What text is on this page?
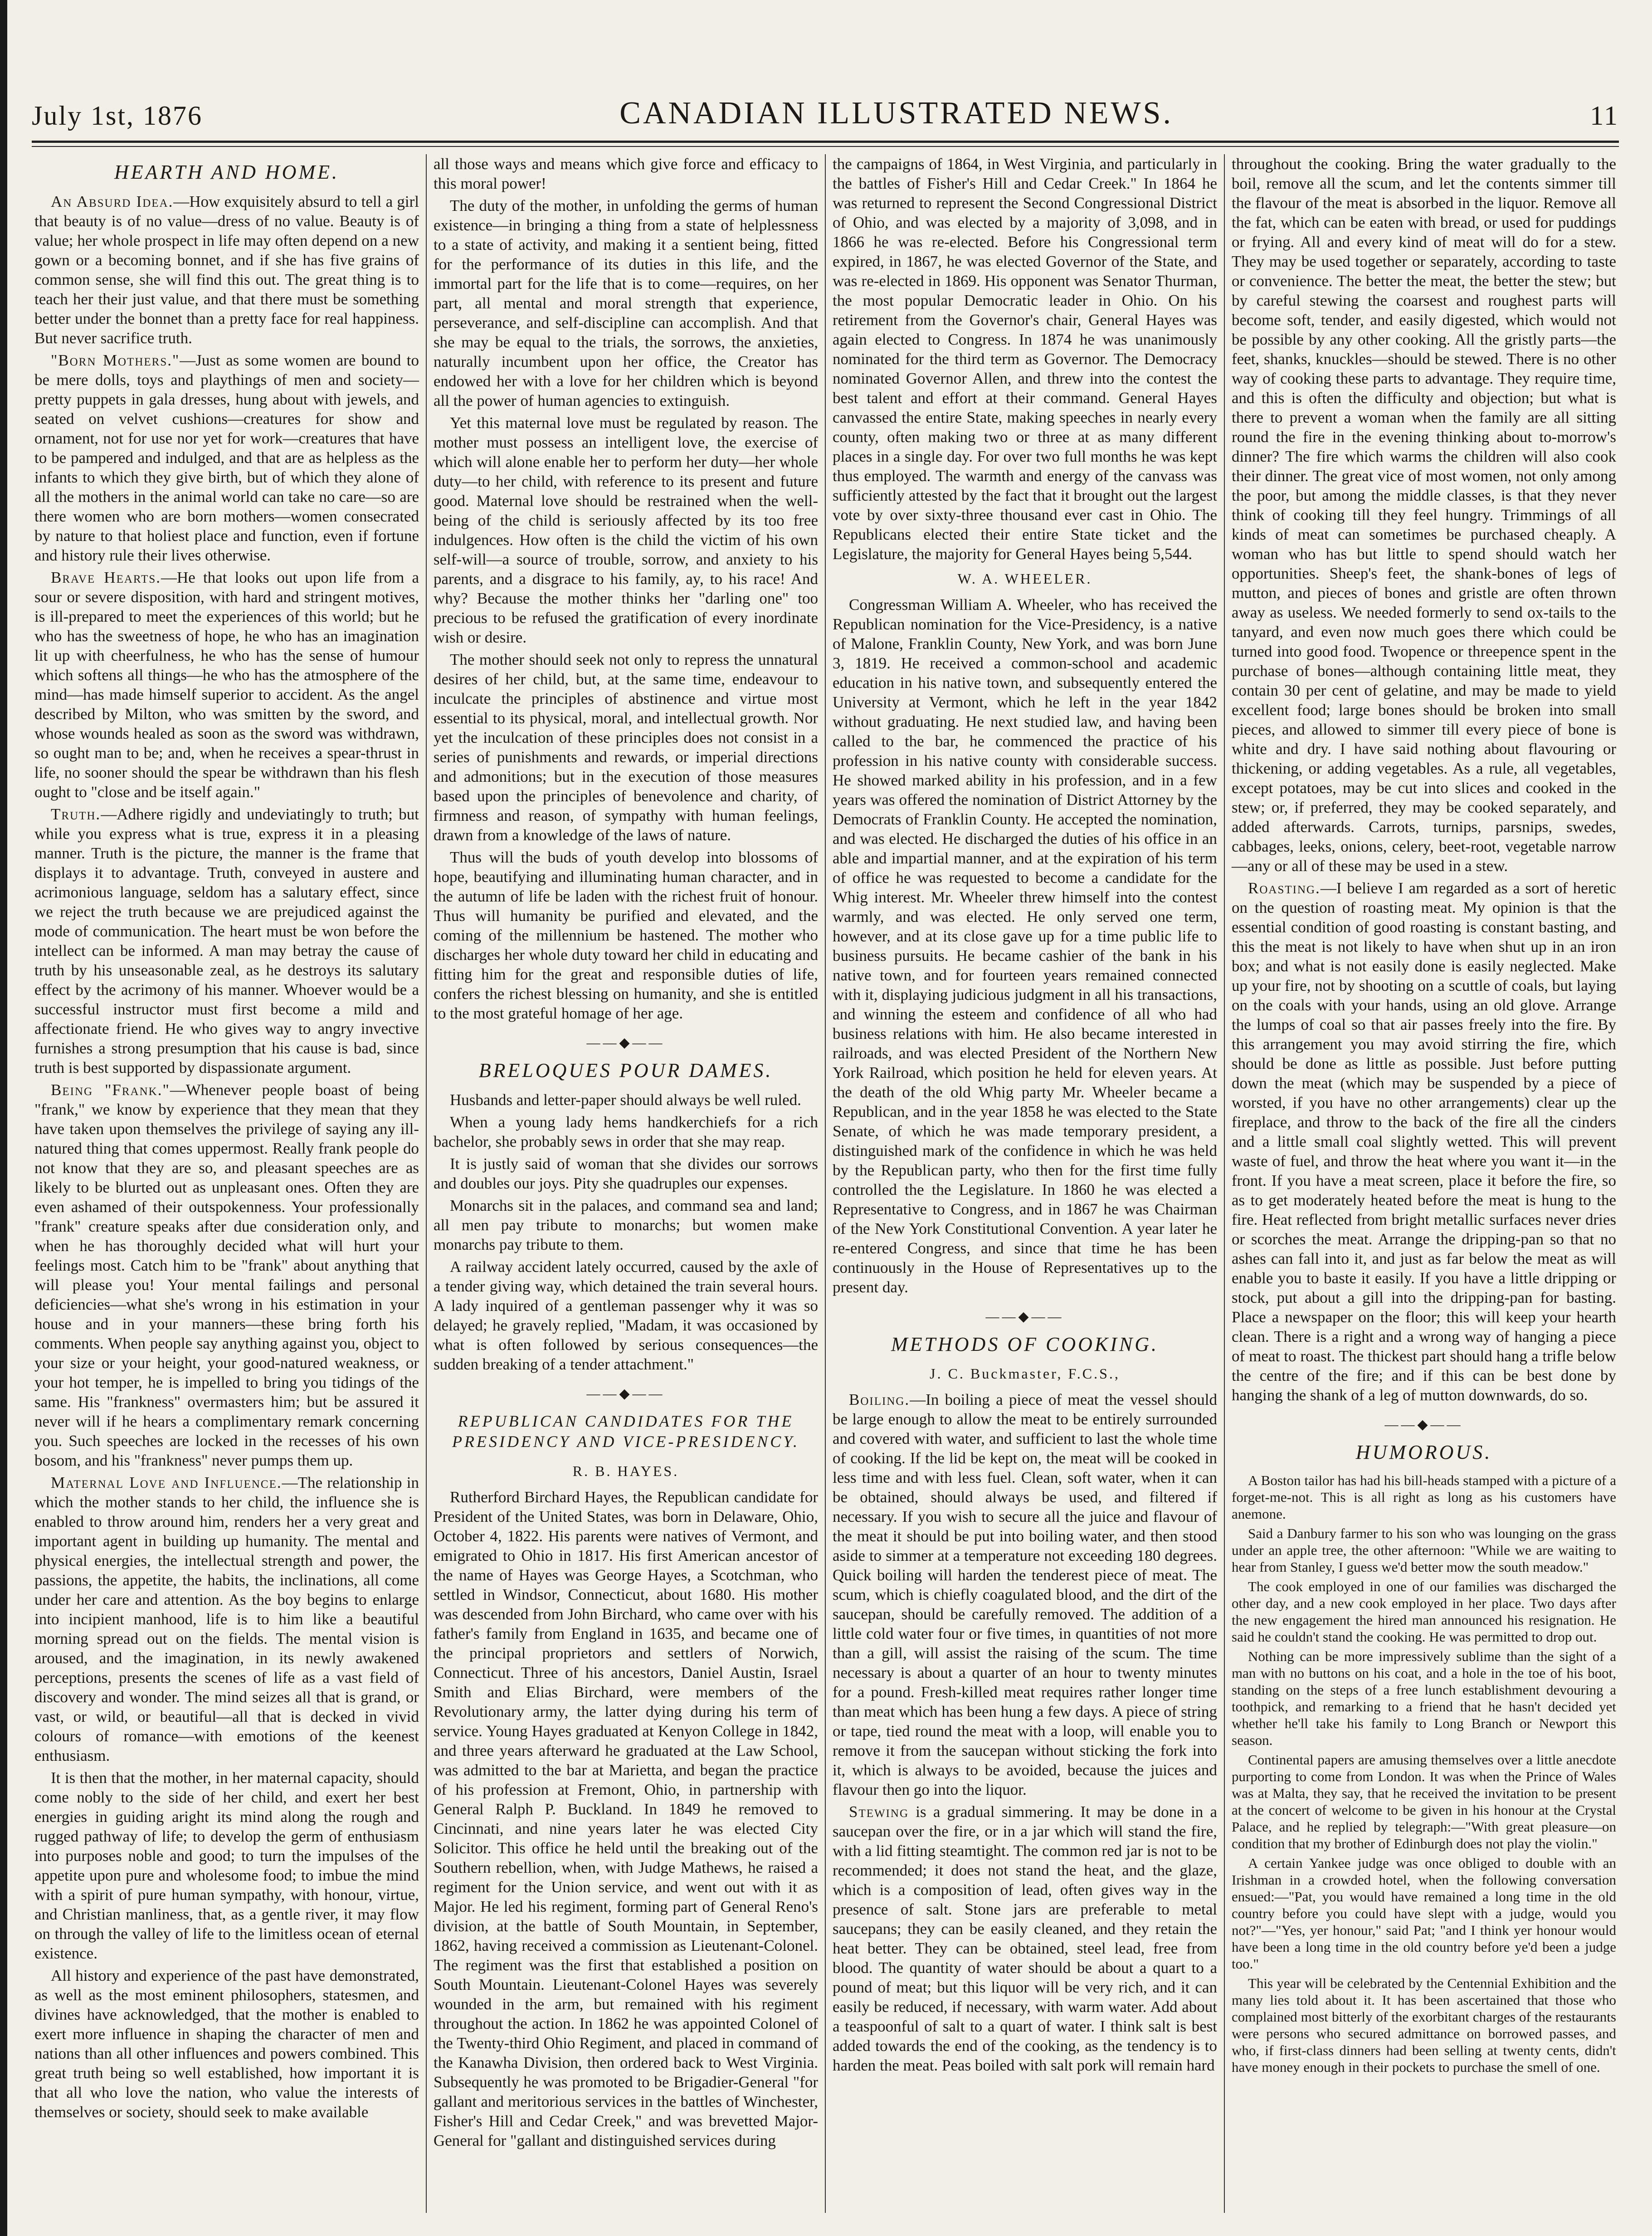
July 1st, 1876	CANADIAN ILLUSTRATED NEWS.	11
HEARTH AND HOME.

An Absurd Idea.—How exquisitely absurd to tell a girl that beauty is of no value—dress of no value. Beauty is of value; her whole prospect in life may often depend on a new gown or a becoming bonnet, and if she has five grains of common sense, she will find this out. The great thing is to teach her their just value, and that there must be something better under the bonnet than a pretty face for real happiness. But never sacrifice truth.

"Born Mothers."—Just as some women are bound to be mere dolls, toys and playthings of men and society—pretty puppets in gala dresses, hung about with jewels, and seated on velvet cushions—creatures for show and ornament, not for use nor yet for work—creatures that have to be pampered and indulged, and that are as helpless as the infants to which they give birth, but of which they alone of all the mothers in the animal world can take no care—so are there women who are born mothers—women consecrated by nature to that holiest place and function, even if fortune and history rule their lives otherwise.

Brave Hearts.—He that looks out upon life from a sour or severe disposition, with hard and stringent motives, is ill-prepared to meet the experiences of this world; but he who has the sweetness of hope, he who has an imagination lit up with cheerfulness, he who has the sense of humour which softens all things—he who has the atmosphere of the mind—has made himself superior to accident. As the angel described by Milton, who was smitten by the sword, and whose wounds healed as soon as the sword was withdrawn, so ought man to be; and, when he receives a spear-thrust in life, no sooner should the spear be withdrawn than his flesh ought to "close and be itself again."

Truth.—Adhere rigidly and undeviatingly to truth; but while you express what is true, express it in a pleasing manner. Truth is the picture, the manner is the frame that displays it to advantage. Truth, conveyed in austere and acrimonious language, seldom has a salutary effect, since we reject the truth because we are prejudiced against the mode of communication. The heart must be won before the intellect can be informed. A man may betray the cause of truth by his unseasonable zeal, as he destroys its salutary effect by the acrimony of his manner. Whoever would be a successful instructor must first become a mild and affectionate friend. He who gives way to angry invective furnishes a strong presumption that his cause is bad, since truth is best supported by dispassionate argument.

Being "Frank."—Whenever people boast of being "frank," we know by experience that they mean that they have taken upon themselves the privilege of saying any ill-natured thing that comes uppermost. Really frank people do not know that they are so, and pleasant speeches are as likely to be blurted out as unpleasant ones. Often they are even ashamed of their outspokenness. Your professionally "frank" creature speaks after due consideration only, and when he has thoroughly decided what will hurt your feelings most. Catch him to be "frank" about anything that will please you! Your mental failings and personal deficiencies—what she's wrong in his estimation in your house and in your manners—these bring forth his comments. When people say anything against you, object to your size or your height, your good-natured weakness, or your hot temper, he is impelled to bring you tidings of the same. His "frankness" overmasters him; but be assured it never will if he hears a complimentary remark concerning you. Such speeches are locked in the recesses of his own bosom, and his "frankness" never pumps them up.

Maternal Love and Influence.—The relationship in which the mother stands to her child, the influence she is enabled to throw around him, renders her a very great and important agent in building up humanity. The mental and physical energies, the intellectual strength and power, the passions, the appetite, the habits, the inclinations, all come under her care and attention. As the boy begins to enlarge into incipient manhood, life is to him like a beautiful morning spread out on the fields. The mental vision is aroused, and the imagination, in its newly awakened perceptions, presents the scenes of life as a vast field of discovery and wonder. The mind seizes all that is grand, or vast, or wild, or beautiful—all that is decked in vivid colours of romance—with emotions of the keenest enthusiasm.

It is then that the mother, in her maternal capacity, should come nobly to the side of her child, and exert her best energies in guiding aright its mind along the rough and rugged pathway of life; to develop the germ of enthusiasm into purposes noble and good; to turn the impulses of the appetite upon pure and wholesome food; to imbue the mind with a spirit of pure human sympathy, with honour, virtue, and Christian manliness, that, as a gentle river, it may flow on through the valley of life to the limitless ocean of eternal existence.

All history and experience of the past have demonstrated, as well as the most eminent philosophers, statesmen, and divines have acknowledged, that the mother is enabled to exert more influence in shaping the character of men and nations than all other influences and powers combined. This great truth being so well established, how important it is that all who love the nation, who value the interests of themselves or society, should seek to make available

all those ways and means which give force and efficacy to this moral power!

The duty of the mother, in unfolding the germs of human existence—in bringing a thing from a state of helplessness to a state of activity, and making it a sentient being, fitted for the performance of its duties in this life, and the immortal part for the life that is to come—requires, on her part, all mental and moral strength that experience, perseverance, and self-discipline can accomplish. And that she may be equal to the trials, the sorrows, the anxieties, naturally incumbent upon her office, the Creator has endowed her with a love for her children which is beyond all the power of human agencies to extinguish.

Yet this maternal love must be regulated by reason. The mother must possess an intelligent love, the exercise of which will alone enable her to perform her duty—her whole duty—to her child, with reference to its present and future good. Maternal love should be restrained when the well-being of the child is seriously affected by its too free indulgences. How often is the child the victim of his own self-will—a source of trouble, sorrow, and anxiety to his parents, and a disgrace to his family, ay, to his race! And why? Because the mother thinks her "darling one" too precious to be refused the gratification of every inordinate wish or desire.

The mother should seek not only to repress the unnatural desires of her child, but, at the same time, endeavour to inculcate the principles of abstinence and virtue most essential to its physical, moral, and intellectual growth. Nor yet the inculcation of these principles does not consist in a series of punishments and rewards, or imperial directions and admonitions; but in the execution of those measures based upon the principles of benevolence and charity, of firmness and reason, of sympathy with human feelings, drawn from a knowledge of the laws of nature.

Thus will the buds of youth develop into blossoms of hope, beautifying and illuminating human character, and in the autumn of life be laden with the richest fruit of honour. Thus will humanity be purified and elevated, and the coming of the millennium be hastened. The mother who discharges her whole duty toward her child in educating and fitting him for the great and responsible duties of life, confers the richest blessing on humanity, and she is entitled to the most grateful homage of her age.

——◆——
BRELOQUES POUR DAMES.

Husbands and letter-paper should always be well ruled.

When a young lady hems handkerchiefs for a rich bachelor, she probably sews in order that she may reap.

It is justly said of woman that she divides our sorrows and doubles our joys. Pity she quadruples our expenses.

Monarchs sit in the palaces, and command sea and land; all men pay tribute to monarchs; but women make monarchs pay tribute to them.

A railway accident lately occurred, caused by the axle of a tender giving way, which detained the train several hours. A lady inquired of a gentleman passenger why it was so delayed; he gravely replied, "Madam, it was occasioned by what is often followed by serious consequences—the sudden breaking of a tender attachment."

——◆——
REPUBLICAN CANDIDATES FOR THE
PRESIDENCY AND VICE-PRESIDENCY.
R. B. HAYES.

Rutherford Birchard Hayes, the Republican candidate for President of the United States, was born in Delaware, Ohio, October 4, 1822. His parents were natives of Vermont, and emigrated to Ohio in 1817. His first American ancestor of the name of Hayes was George Hayes, a Scotchman, who settled in Windsor, Connecticut, about 1680. His mother was descended from John Birchard, who came over with his father's family from England in 1635, and became one of the principal proprietors and settlers of Norwich, Connecticut. Three of his ancestors, Daniel Austin, Israel Smith and Elias Birchard, were members of the Revolutionary army, the latter dying during his term of service. Young Hayes graduated at Kenyon College in 1842, and three years afterward he graduated at the Law School, was admitted to the bar at Marietta, and began the practice of his profession at Fremont, Ohio, in partnership with General Ralph P. Buckland. In 1849 he removed to Cincinnati, and nine years later he was elected City Solicitor. This office he held until the breaking out of the Southern rebellion, when, with Judge Mathews, he raised a regiment for the Union service, and went out with it as Major. He led his regiment, forming part of General Reno's division, at the battle of South Mountain, in September, 1862, having received a commission as Lieutenant-Colonel. The regiment was the first that established a position on South Mountain. Lieutenant-Colonel Hayes was severely wounded in the arm, but remained with his regiment throughout the action. In 1862 he was appointed Colonel of the Twenty-third Ohio Regiment, and placed in command of the Kanawha Division, then ordered back to West Virginia. Subsequently he was promoted to be Brigadier-General "for gallant and meritorious services in the battles of Winchester, Fisher's Hill and Cedar Creek," and was brevetted Major-General for "gallant and distinguished services during

the campaigns of 1864, in West Virginia, and particularly in the battles of Fisher's Hill and Cedar Creek." In 1864 he was returned to represent the Second Congressional District of Ohio, and was elected by a majority of 3,098, and in 1866 he was re-elected. Before his Congressional term expired, in 1867, he was elected Governor of the State, and was re-elected in 1869. His opponent was Senator Thurman, the most popular Democratic leader in Ohio. On his retirement from the Governor's chair, General Hayes was again elected to Congress. In 1874 he was unanimously nominated for the third term as Governor. The Democracy nominated Governor Allen, and threw into the contest the best talent and effort at their command. General Hayes canvassed the entire State, making speeches in nearly every county, often making two or three at as many different places in a single day. For over two full months he was kept thus employed. The warmth and energy of the canvass was sufficiently attested by the fact that it brought out the largest vote by over sixty-three thousand ever cast in Ohio. The Republicans elected their entire State ticket and the Legislature, the majority for General Hayes being 5,544.

W. A. WHEELER.

Congressman William A. Wheeler, who has received the Republican nomination for the Vice-Presidency, is a native of Malone, Franklin County, New York, and was born June 3, 1819. He received a common-school and academic education in his native town, and subsequently entered the University at Vermont, which he left in the year 1842 without graduating. He next studied law, and having been called to the bar, he commenced the practice of his profession in his native county with considerable success. He showed marked ability in his profession, and in a few years was offered the nomination of District Attorney by the Democrats of Franklin County. He accepted the nomination, and was elected. He discharged the duties of his office in an able and impartial manner, and at the expiration of his term of office he was requested to become a candidate for the Whig interest. Mr. Wheeler threw himself into the contest warmly, and was elected. He only served one term, however, and at its close gave up for a time public life to business pursuits. He became cashier of the bank in his native town, and for fourteen years remained connected with it, displaying judicious judgment in all his transactions, and winning the esteem and confidence of all who had business relations with him. He also became interested in railroads, and was elected President of the Northern New York Railroad, which position he held for eleven years. At the death of the old Whig party Mr. Wheeler became a Republican, and in the year 1858 he was elected to the State Senate, of which he was made temporary president, a distinguished mark of the confidence in which he was held by the Republican party, who then for the first time fully controlled the the Legislature. In 1860 he was elected a Representative to Congress, and in 1867 he was Chairman of the New York Constitutional Convention. A year later he re-entered Congress, and since that time he has been continuously in the House of Representatives up to the present day.

——◆——
METHODS OF COOKING.
J. C. Buckmaster, F.C.S.,

Boiling.—In boiling a piece of meat the vessel should be large enough to allow the meat to be entirely surrounded and covered with water, and sufficient to last the whole time of cooking. If the lid be kept on, the meat will be cooked in less time and with less fuel. Clean, soft water, when it can be obtained, should always be used, and filtered if necessary. If you wish to secure all the juice and flavour of the meat it should be put into boiling water, and then stood aside to simmer at a temperature not exceeding 180 degrees. Quick boiling will harden the tenderest piece of meat. The scum, which is chiefly coagulated blood, and the dirt of the saucepan, should be carefully removed. The addition of a little cold water four or five times, in quantities of not more than a gill, will assist the raising of the scum. The time necessary is about a quarter of an hour to twenty minutes for a pound. Fresh-killed meat requires rather longer time than meat which has been hung a few days. A piece of string or tape, tied round the meat with a loop, will enable you to remove it from the saucepan without sticking the fork into it, which is always to be avoided, because the juices and flavour then go into the liquor.

Stewing is a gradual simmering. It may be done in a saucepan over the fire, or in a jar which will stand the fire, with a lid fitting steamtight. The common red jar is not to be recommended; it does not stand the heat, and the glaze, which is a composition of lead, often gives way in the presence of salt. Stone jars are preferable to metal saucepans; they can be easily cleaned, and they retain the heat better. They can be obtained, steel lead, free from blood. The quantity of water should be about a quart to a pound of meat; but this liquor will be very rich, and it can easily be reduced, if necessary, with warm water. Add about a teaspoonful of salt to a quart of water. I think salt is best added towards the end of the cooking, as the tendency is to harden the meat. Peas boiled with salt pork will remain hard

throughout the cooking. Bring the water gradually to the boil, remove all the scum, and let the contents simmer till the flavour of the meat is absorbed in the liquor. Remove all the fat, which can be eaten with bread, or used for puddings or frying. All and every kind of meat will do for a stew. They may be used together or separately, according to taste or convenience. The better the meat, the better the stew; but by careful stewing the coarsest and roughest parts will become soft, tender, and easily digested, which would not be possible by any other cooking. All the gristly parts—the feet, shanks, knuckles—should be stewed. There is no other way of cooking these parts to advantage. They require time, and this is often the difficulty and objection; but what is there to prevent a woman when the family are all sitting round the fire in the evening thinking about to-morrow's dinner? The fire which warms the children will also cook their dinner. The great vice of most women, not only among the poor, but among the middle classes, is that they never think of cooking till they feel hungry. Trimmings of all kinds of meat can sometimes be purchased cheaply. A woman who has but little to spend should watch her opportunities. Sheep's feet, the shank-bones of legs of mutton, and pieces of bones and gristle are often thrown away as useless. We needed formerly to send ox-tails to the tanyard, and even now much goes there which could be turned into good food. Twopence or threepence spent in the purchase of bones—although containing little meat, they contain 30 per cent of gelatine, and may be made to yield excellent food; large bones should be broken into small pieces, and allowed to simmer till every piece of bone is white and dry. I have said nothing about flavouring or thickening, or adding vegetables. As a rule, all vegetables, except potatoes, may be cut into slices and cooked in the stew; or, if preferred, they may be cooked separately, and added afterwards. Carrots, turnips, parsnips, swedes, cabbages, leeks, onions, celery, beet-root, vegetable narrow—any or all of these may be used in a stew.

Roasting.—I believe I am regarded as a sort of heretic on the question of roasting meat. My opinion is that the essential condition of good roasting is constant basting, and this the meat is not likely to have when shut up in an iron box; and what is not easily done is easily neglected. Make up your fire, not by shooting on a scuttle of coals, but laying on the coals with your hands, using an old glove. Arrange the lumps of coal so that air passes freely into the fire. By this arrangement you may avoid stirring the fire, which should be done as little as possible. Just before putting down the meat (which may be suspended by a piece of worsted, if you have no other arrangements) clear up the fireplace, and throw to the back of the fire all the cinders and a little small coal slightly wetted. This will prevent waste of fuel, and throw the heat where you want it—in the front. If you have a meat screen, place it before the fire, so as to get moderately heated before the meat is hung to the fire. Heat reflected from bright metallic surfaces never dries or scorches the meat. Arrange the dripping-pan so that no ashes can fall into it, and just as far below the meat as will enable you to baste it easily. If you have a little dripping or stock, put about a gill into the dripping-pan for basting. Place a newspaper on the floor; this will keep your hearth clean. There is a right and a wrong way of hanging a piece of meat to roast. The thickest part should hang a trifle below the centre of the fire; and if this can be best done by hanging the shank of a leg of mutton downwards, do so.

——◆——
HUMOROUS.

A Boston tailor has had his bill-heads stamped with a picture of a forget-me-not. This is all right as long as his customers have anemone.

Said a Danbury farmer to his son who was lounging on the grass under an apple tree, the other afternoon: "While we are waiting to hear from Stanley, I guess we'd better mow the south meadow."

The cook employed in one of our families was discharged the other day, and a new cook employed in her place. Two days after the new engagement the hired man announced his resignation. He said he couldn't stand the cooking. He was permitted to drop out.

Nothing can be more impressively sublime than the sight of a man with no buttons on his coat, and a hole in the toe of his boot, standing on the steps of a free lunch establishment devouring a toothpick, and remarking to a friend that he hasn't decided yet whether he'll take his family to Long Branch or Newport this season.

Continental papers are amusing themselves over a little anecdote purporting to come from London. It was when the Prince of Wales was at Malta, they say, that he received the invitation to be present at the concert of welcome to be given in his honour at the Crystal Palace, and he replied by telegraph:—"With great pleasure—on condition that my brother of Edinburgh does not play the violin."

A certain Yankee judge was once obliged to double with an Irishman in a crowded hotel, when the following conversation ensued:—"Pat, you would have remained a long time in the old country before you could have slept with a judge, would you not?"—"Yes, yer honour," said Pat; "and I think yer honour would have been a long time in the old country before ye'd been a judge too."

This year will be celebrated by the Centennial Exhibition and the many lies told about it. It has been ascertained that those who complained most bitterly of the exorbitant charges of the restaurants were persons who secured admittance on borrowed passes, and who, if first-class dinners had been selling at twenty cents, didn't have money enough in their pockets to purchase the smell of one.
